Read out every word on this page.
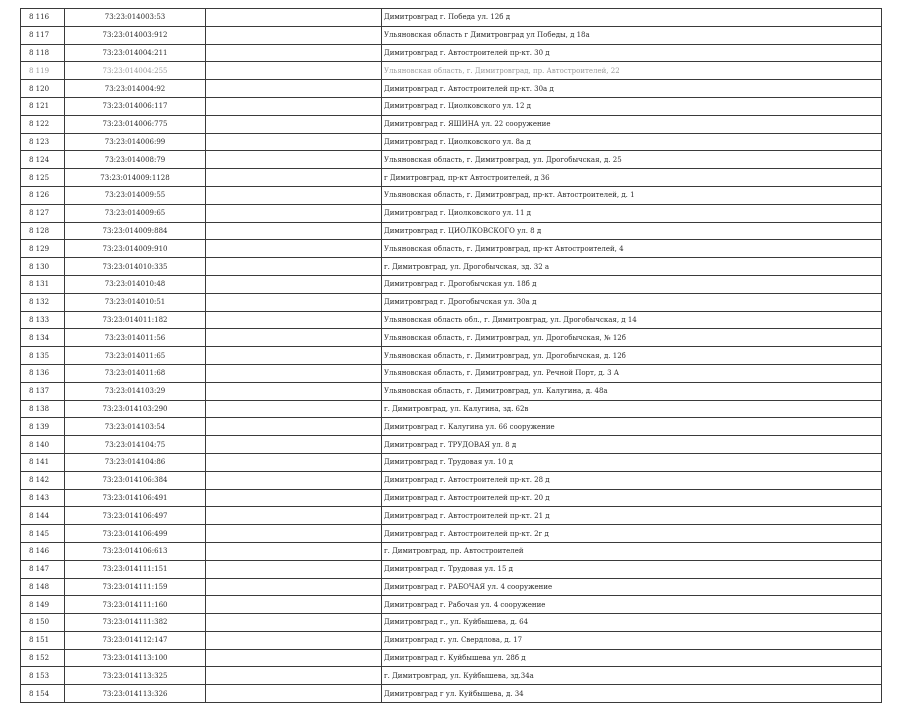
8 116	73:23:014003:53		Димитровград г. Победа ул. 12б д
8 117	73:23:014003:912		Ульяновская область г Димитровград ул Победы, д 18а
8 118	73:23:014004:211		Димитровград г. Автостроителей пр-кт. 30 д
8 119	73:23:014004:255		Ульяновская область, г. Димитровград, пр. Автостроителей, 22
8 120	73:23:014004:92		Димитровград г. Автостроителей пр-кт. 30а д
8 121	73:23:014006:117		Димитровград г. Циолковского ул. 12 д
8 122	73:23:014006:775		Димитровград г. ЯШИНА ул. 22 сооружение
8 123	73:23:014006:99		Димитровград г. Циолковского ул. 8а д
8 124	73:23:014008:79		Ульяновская область, г. Димитровград, ул. Дрогобычская, д. 25
8 125	73:23:014009:1128		г Димитровград, пр-кт Автостроителей, д 36
8 126	73:23:014009:55		Ульяновская область, г. Димитровград, пр-кт. Автостроителей, д. 1
8 127	73:23:014009:65		Димитровград г. Циолковского ул. 11 д
8 128	73:23:014009:884		Димитровград г. ЦИОЛКОВСКОГО ул. 8 д
8 129	73:23:014009:910		Ульяновская область, г. Димитровград, пр-кт Автостроителей, 4
8 130	73:23:014010:335		г. Димитровград, ул. Дрогобычская, зд. 32 а
8 131	73:23:014010:48		Димитровград г. Дрогобычская ул. 18б д
8 132	73:23:014010:51		Димитровград г. Дрогобычская ул. 30а д
8 133	73:23:014011:182		Ульяновская область обл., г. Димитровград, ул. Дрогобычская, д 14
8 134	73:23:014011:56		Ульяновская область, г. Димитровград, ул. Дрогобычская, № 12б
8 135	73:23:014011:65		Ульяновская область, г. Димитровград, ул. Дрогобычская, д. 12б
8 136	73:23:014011:68		Ульяновская область, г. Димитровград, ул. Речной Порт, д. 3 А
8 137	73:23:014103:29		Ульяновская область, г. Димитровград, ул. Калугина, д. 48а
8 138	73:23:014103:290		г. Димитровград, ул. Калугина, зд. 62в
8 139	73:23:014103:54		Димитровград г. Калугина ул. 66 сооружение
8 140	73:23:014104:75		Димитровград г. ТРУДОВАЯ ул. 8 д
8 141	73:23:014104:86		Димитровград г. Трудовая ул. 10 д
8 142	73:23:014106:384		Димитровград г. Автостроителей пр-кт. 28 д
8 143	73:23:014106:491		Димитровград г. Автостроителей пр-кт. 20 д
8 144	73:23:014106:497		Димитровград г. Автостроителей пр-кт. 21 д
8 145	73:23:014106:499		Димитровград г. Автостроителей пр-кт. 2г д
8 146	73:23:014106:613		г. Димитровград, пр. Автостроителей
8 147	73:23:014111:151		Димитровград г. Трудовая ул. 15 д
8 148	73:23:014111:159		Димитровград г. РАБОЧАЯ ул. 4 сооружение
8 149	73:23:014111:160		Димитровград г. Рабочая ул. 4 сооружение
8 150	73:23:014111:382		Димитровград г., ул. Куйбышева, д. 64
8 151	73:23:014112:147		Димитровград г. ул. Свердлова, д. 17
8 152	73:23:014113:100		Димитровград г. Куйбышева ул. 28б д
8 153	73:23:014113:325		г. Димитровград, ул. Куйбышева, зд.34а
8 154	73:23:014113:326		Димитровград г ул. Куйбышева, д. 34
